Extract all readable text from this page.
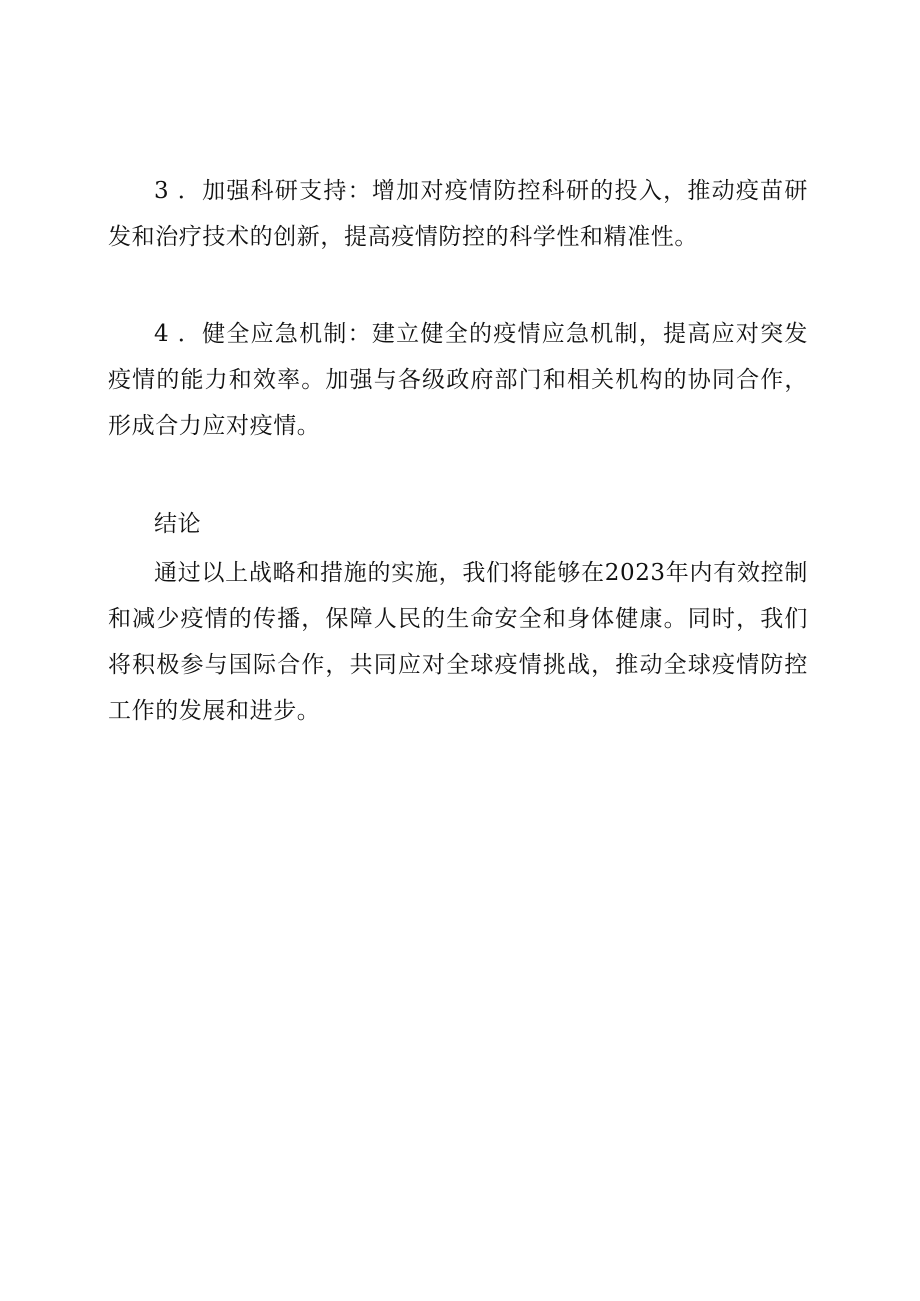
3 ．加强科研支持：增加对疫情防控科研的投入，推动疫苗研发和治疗技术的创新，提高疫情防控的科学性和精准性。

4 ．健全应急机制：建立健全的疫情应急机制，提高应对突发疫情的能力和效率。加强与各级政府部门和相关机构的协同合作，形成合力应对疫情。

结论

通过以上战略和措施的实施，我们将能够在2023年内有效控制和减少疫情的传播，保障人民的生命安全和身体健康。同时，我们将积极参与国际合作，共同应对全球疫情挑战，推动全球疫情防控工作的发展和进步。
